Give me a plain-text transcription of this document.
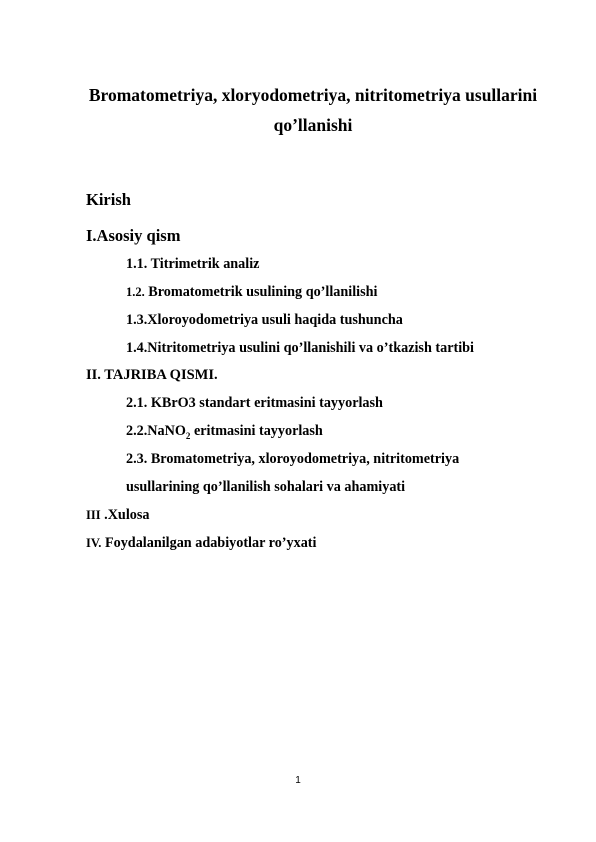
Bromatometriya, xloryodometriya, nitritometriya usullarini
qo’llanishi
Kirish
I.Asosiy qism
1.1. Titrimetrik analiz
1.2. Bromatometrik usulining qo’llanilishi
1.3.Xloroyodometriya usuli haqida tushuncha
1.4.Nitritometriya usulini qo’llanishili va o’tkazish tartibi
II. TAJRIBA QISMI.
2.1. KBrO3 standart eritmasini tayyorlash
2.2.NaNO$_2$ eritmasini tayyorlash
2.3. Bromatometriya, xloroyodometriya, nitritometriya
usullarining qo’llanilish sohalari va ahamiyati
III .Xulosa
IV. Foydalanilgan adabiyotlar ro’yxati
1
